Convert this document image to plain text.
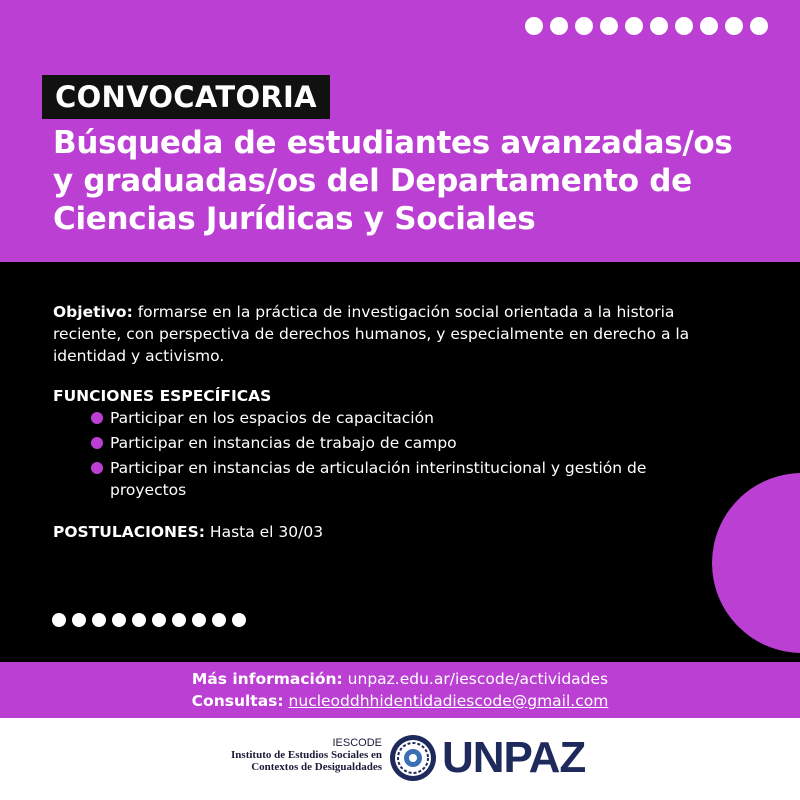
CONVOCATORIA
Búsqueda de estudiantes avanzadas/os
y graduadas/os del Departamento de
Ciencias Jurídicas y Sociales
Objetivo: formarse en la práctica de investigación social orientada a la historia reciente, con perspectiva de derechos humanos, y especialmente en derecho a la identidad y activismo.
FUNCIONES ESPECÍFICAS
Participar en los espacios de capacitación
Participar en instancias de trabajo de campo
Participar en instancias de articulación interinstitucional y gestión de proyectos
POSTULACIONES: Hasta el 30/03
Más información: unpaz.edu.ar/iescode/actividades
Consultas: nucleoddhhidentidadiescode@gmail.com
IESCODE
Instituto de Estudios Sociales en
Contextos de Desigualdades UNPAZ
